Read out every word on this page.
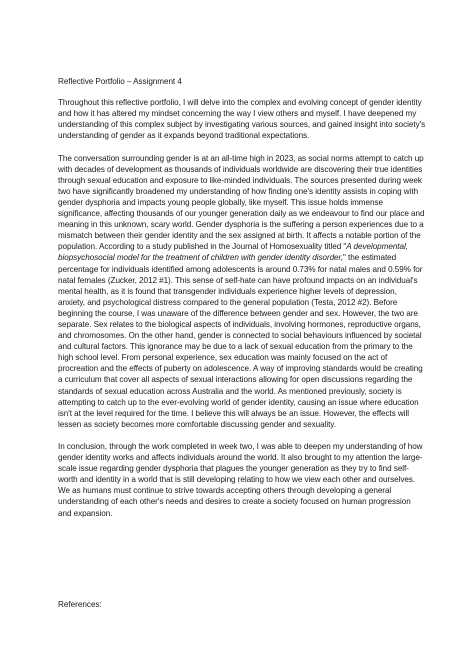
Reflective Portfolio – Assignment 4

Throughout this reflective portfolio, I will delve into the complex and evolving concept of gender identity and how it has altered my mindset concerning the way I view others and myself. I have deepened my understanding of this complex subject by investigating various sources, and gained insight into society's understanding of gender as it expands beyond traditional expectations.

The conversation surrounding gender is at an all-time high in 2023, as social norms attempt to catch up with decades of development as thousands of individuals worldwide are discovering their true identities through sexual education and exposure to like-minded individuals. The sources presented during week two have significantly broadened my understanding of how finding one's identity assists in coping with gender dysphoria and impacts young people globally, like myself. This issue holds immense significance, affecting thousands of our younger generation daily as we endeavour to find our place and meaning in this unknown, scary world. Gender dysphoria is the suffering a person experiences due to a mismatch between their gender identity and the sex assigned at birth. It affects a notable portion of the population. According to a study published in the Journal of Homosexuality titled "A developmental, biopsychosocial model for the treatment of children with gender identity disorder," the estimated percentage for individuals identified among adolescents is around 0.73% for natal males and 0.59% for natal females (Zucker, 2012 #1). This sense of self-hate can have profound impacts on an individual's mental health, as it is found that transgender individuals experience higher levels of depression, anxiety, and psychological distress compared to the general population (Testa, 2012 #2). Before beginning the course, I was unaware of the difference between gender and sex. However, the two are separate. Sex relates to the biological aspects of individuals, involving hormones, reproductive organs, and chromosomes. On the other hand, gender is connected to social behaviours influenced by societal and cultural factors. This ignorance may be due to a lack of sexual education from the primary to the high school level. From personal experience, sex education was mainly focused on the act of procreation and the effects of puberty on adolescence. A way of improving standards would be creating a curriculum that cover all aspects of sexual interactions allowing for open discussions regarding the standards of sexual education across Australia and the world. As mentioned previously, society is attempting to catch up to the ever-evolving world of gender identity, causing an issue where education isn't at the level required for the time. I believe this will always be an issue. However, the effects will lessen as society becomes more comfortable discussing gender and sexuality.

In conclusion, through the work completed in week two, I was able to deepen my understanding of how gender identity works and affects individuals around the world. It also brought to my attention the large-scale issue regarding gender dysphoria that plagues the younger generation as they try to find self-worth and identity in a world that is still developing relating to how we view each other and ourselves. We as humans must continue to strive towards accepting others through developing a general understanding of each other's needs and desires to create a society focused on human progression and expansion.

References:
